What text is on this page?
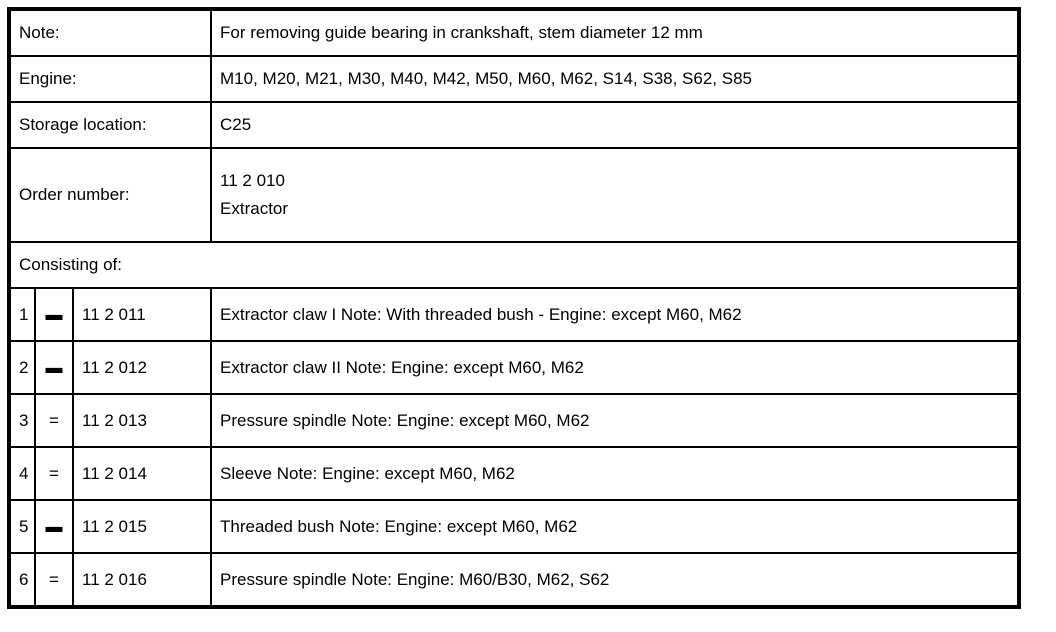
Note:			For removing guide bearing in crankshaft, stem diameter 12 mm
Engine:			M10, M20, M21, M30, M40, M42, M50, M60, M62, S14, S38, S62, S85
Storage location:			C25
Order number:			11 2 010
Extractor

Consisting of:			
1	▬	11 2 011	Extractor claw I Note: With threaded bush - Engine: except M60, M62
2	▬	11 2 012	Extractor claw II Note: Engine: except M60, M62
3	=	11 2 013	Pressure spindle Note: Engine: except M60, M62
4	=	11 2 014	Sleeve Note: Engine: except M60, M62
5	▬	11 2 015	Threaded bush Note: Engine: except M60, M62
6	=	11 2 016	Pressure spindle Note: Engine: M60/B30, M62, S62
